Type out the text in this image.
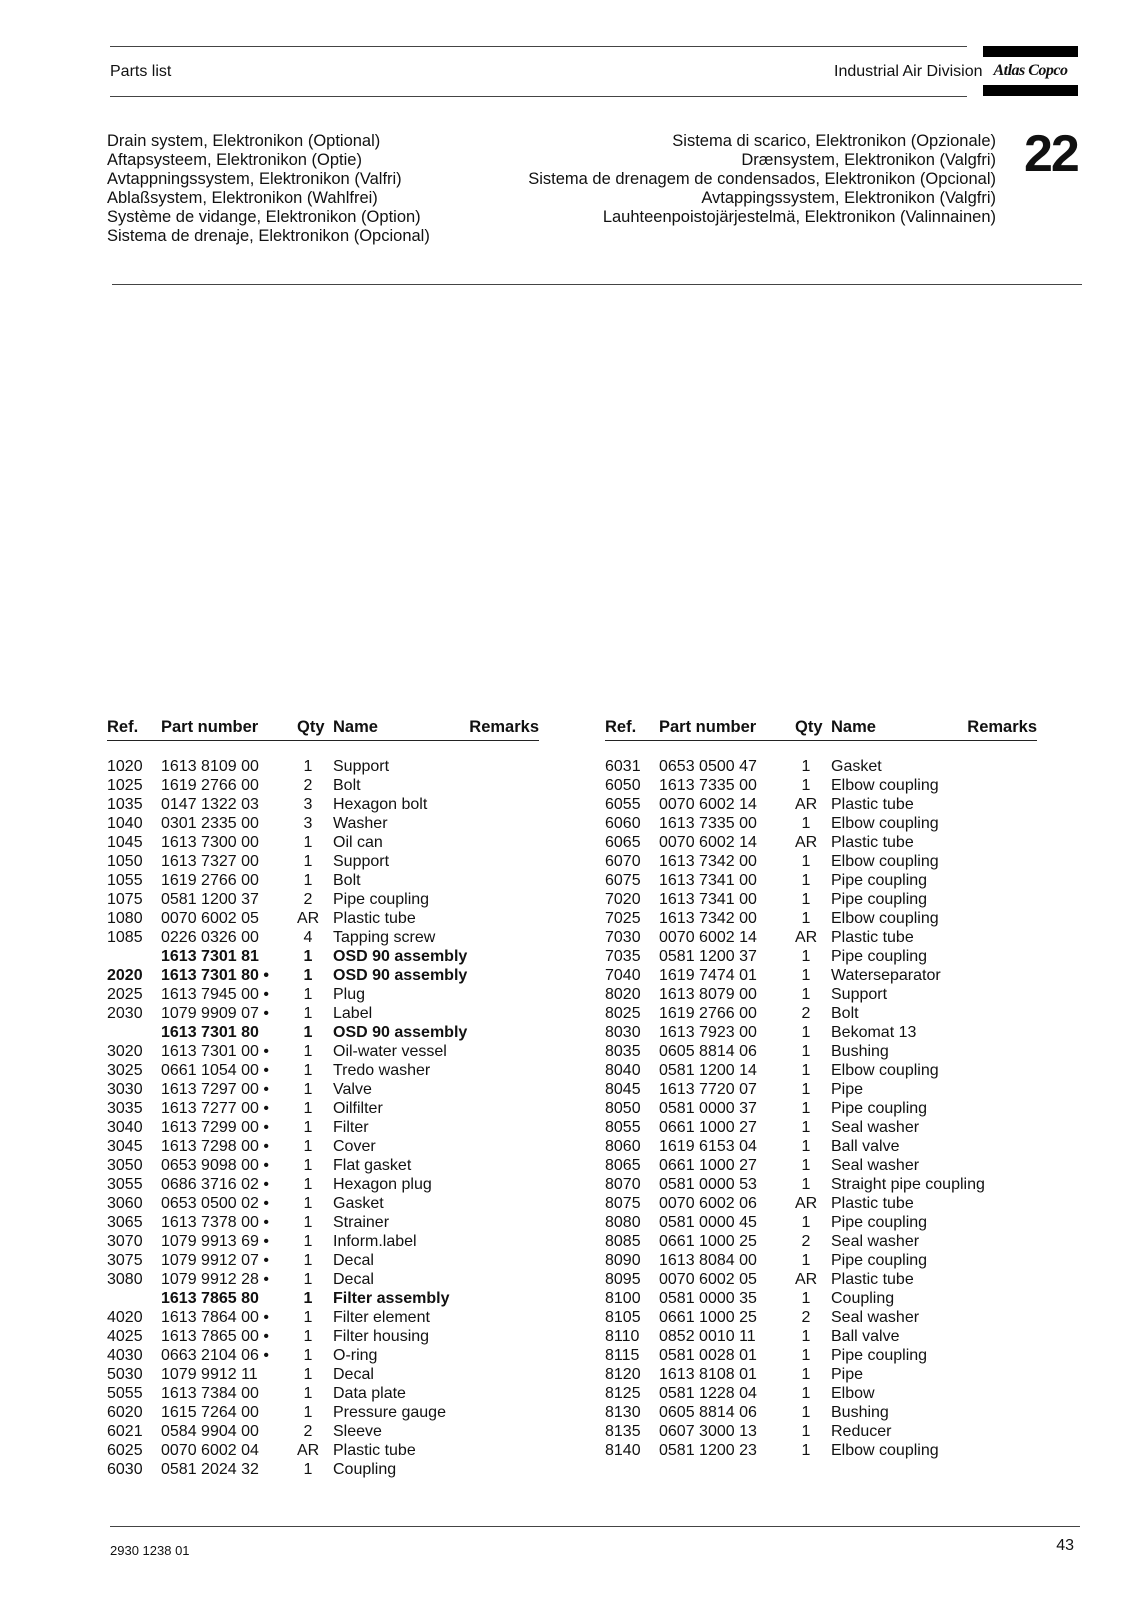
Parts list	Industrial Air Division Atlas Copco
Drain system, Elektronikon (Optional)
Aftapsysteem, Elektronikon (Optie)
Avtappningssystem, Elektronikon (Valfri)
Ablaßsystem, Elektronikon (Wahlfrei)
Système de vidange, Elektronikon (Option)
Sistema de drenaje, Elektronikon (Opcional)
Sistema di scarico, Elektronikon (Opzionale)
Drænsystem, Elektronikon (Valgfri)
Sistema de drenagem de condensados, Elektronikon (Opcional)
Avtappingssystem, Elektronikon (Valgfri)
Lauhteenpoistojärjestelmä, Elektronikon (Valinnainen)
22
Ref. Part number Qty Name	Remarks
1020 1613 8109 00	1	Support
1025 1619 2766 00	2	Bolt
1035 0147 1322 03	3	Hexagon bolt
1040 0301 2335 00	3	Washer
1045 1613 7300 00	1	Oil can
1050 1613 7327 00	1	Support
1055 1619 2766 00	1	Bolt
1075 0581 1200 37	2	Pipe coupling
1080 0070 6002 05 AR Plastic tube
1085 0226 0326 00	4	Tapping screw
1613 7301 81	1	OSD 90 assembly
2020 1613 7301 80 •	1	OSD 90 assembly
2025 1613 7945 00 •	1	Plug
2030 1079 9909 07 •	1	Label
1613 7301 80	1	OSD 90 assembly
3020 1613 7301 00 •	1	Oil-water vessel
3025 0661 1054 00 •	1	Tredo washer
3030 1613 7297 00 •	1	Valve
3035 1613 7277 00 •	1	Oilfilter
3040 1613 7299 00 •	1	Filter
3045 1613 7298 00 •	1	Cover
3050 0653 9098 00 •	1	Flat gasket
3055 0686 3716 02 •	1	Hexagon plug
3060 0653 0500 02 •	1	Gasket
3065 1613 7378 00 •	1	Strainer
3070 1079 9913 69 •	1	Inform.label
3075 1079 9912 07 •	1	Decal
3080 1079 9912 28 •	1	Decal
1613 7865 80	1	Filter assembly
4020 1613 7864 00 •	1	Filter element
4025 1613 7865 00 •	1	Filter housing
4030 0663 2104 06 •	1	O-ring
5030 1079 9912 11	1	Decal
5055 1613 7384 00	1	Data plate
6020 1615 7264 00	1	Pressure gauge
6021 0584 9904 00	2	Sleeve
6025 0070 6002 04 AR Plastic tube
6030 0581 2024 32	1	Coupling
Ref. Part number Qty Name	Remarks
6031 0653 0500 47	1	Gasket
6050 1613 7335 00	1	Elbow coupling
6055 0070 6002 14 AR Plastic tube
6060 1613 7335 00	1	Elbow coupling
6065 0070 6002 14 AR Plastic tube
6070 1613 7342 00	1	Elbow coupling
6075 1613 7341 00	1	Pipe coupling
7020 1613 7341 00	1	Pipe coupling
7025 1613 7342 00	1	Elbow coupling
7030 0070 6002 14 AR Plastic tube
7035 0581 1200 37	1	Pipe coupling
7040 1619 7474 01	1	Waterseparator
8020 1613 8079 00	1	Support
8025 1619 2766 00	2	Bolt
8030 1613 7923 00	1	Bekomat 13
8035 0605 8814 06	1	Bushing
8040 0581 1200 14	1	Elbow coupling
8045 1613 7720 07	1	Pipe
8050 0581 0000 37	1	Pipe coupling
8055 0661 1000 27	1	Seal washer
8060 1619 6153 04	1	Ball valve
8065 0661 1000 27	1	Seal washer
8070 0581 0000 53	1	Straight pipe coupling
8075 0070 6002 06 AR Plastic tube
8080 0581 0000 45	1	Pipe coupling
8085 0661 1000 25	2	Seal washer
8090 1613 8084 00	1	Pipe coupling
8095 0070 6002 05 AR Plastic tube
8100 0581 0000 35	1	Coupling
8105 0661 1000 25	2	Seal washer
8110 0852 0010 11	1	Ball valve
8115 0581 0028 01	1	Pipe coupling
8120 1613 8108 01	1	Pipe
8125 0581 1228 04	1	Elbow
8130 0605 8814 06	1	Bushing
8135 0607 3000 13	1	Reducer
8140 0581 1200 23	1	Elbow coupling
2930 1238 01	43
